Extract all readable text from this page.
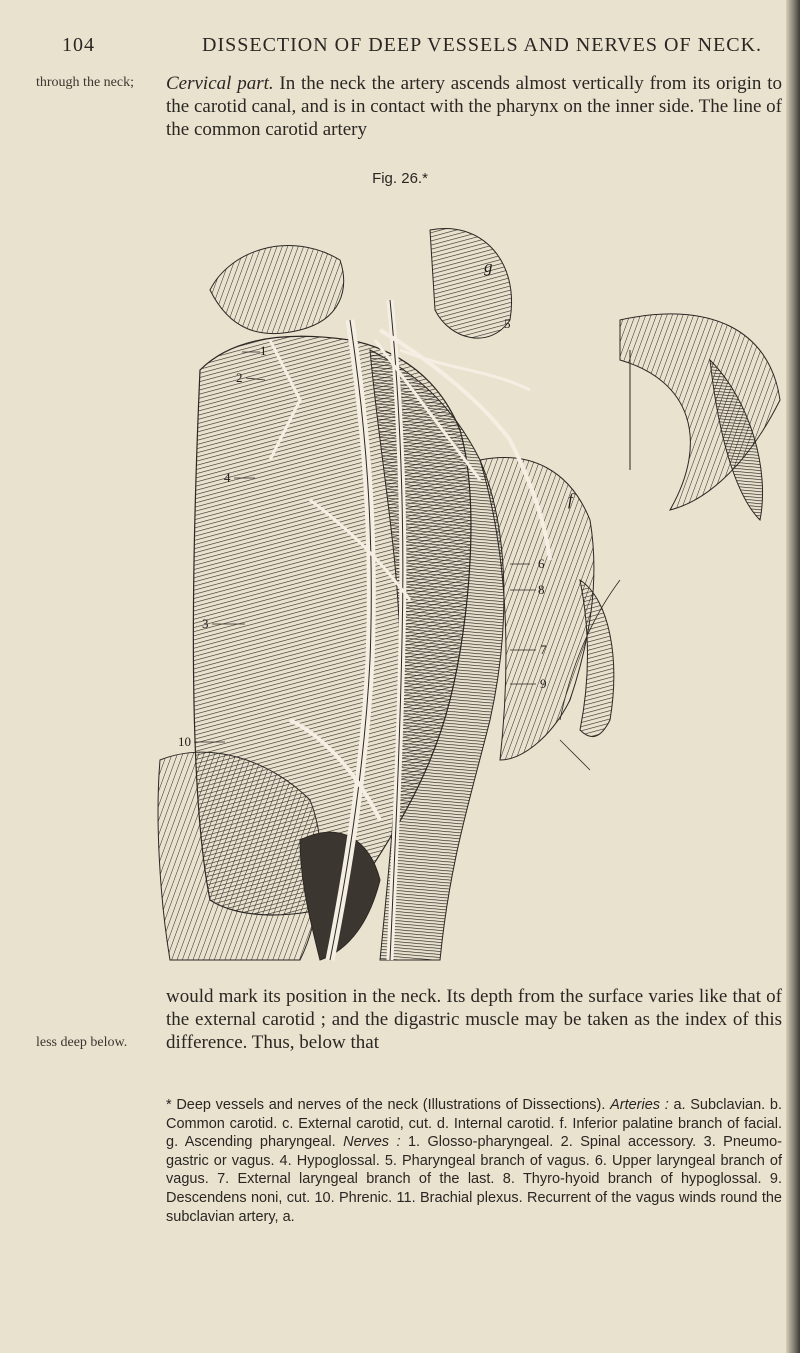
104	DISSECTION OF DEEP VESSELS AND NERVES OF NECK.
through the neck;	Cervical part. In the neck the artery ascends almost vertically from its origin to the carotid canal, and is in contact with the pharynx on the inner side. The line of the common carotid artery
Fig. 26.*
1
2
4
3
10
5
6
8
7
9
g
f
would mark its position in the neck. Its depth from the surface varies like that of the external carotid ; and the digastric muscle may be taken as the index of this difference. Thus, below that
less deep below.
* Deep vessels and nerves of the neck (Illustrations of Dissections). Arteries : a. Subclavian. b. Common carotid. c. External carotid, cut. d. Internal carotid. f. Inferior palatine branch of facial. g. Ascending pharyngeal. Nerves : 1. Glosso-pharyngeal. 2. Spinal accessory. 3. Pneumo-gastric or vagus. 4. Hypoglossal. 5. Pharyngeal branch of vagus. 6. Upper laryngeal branch of vagus. 7. External laryngeal branch of the last. 8. Thyro-hyoid branch of hypoglossal. 9. Descendens noni, cut. 10. Phrenic. 11. Brachial plexus. Recurrent of the vagus winds round the subclavian artery, a.
